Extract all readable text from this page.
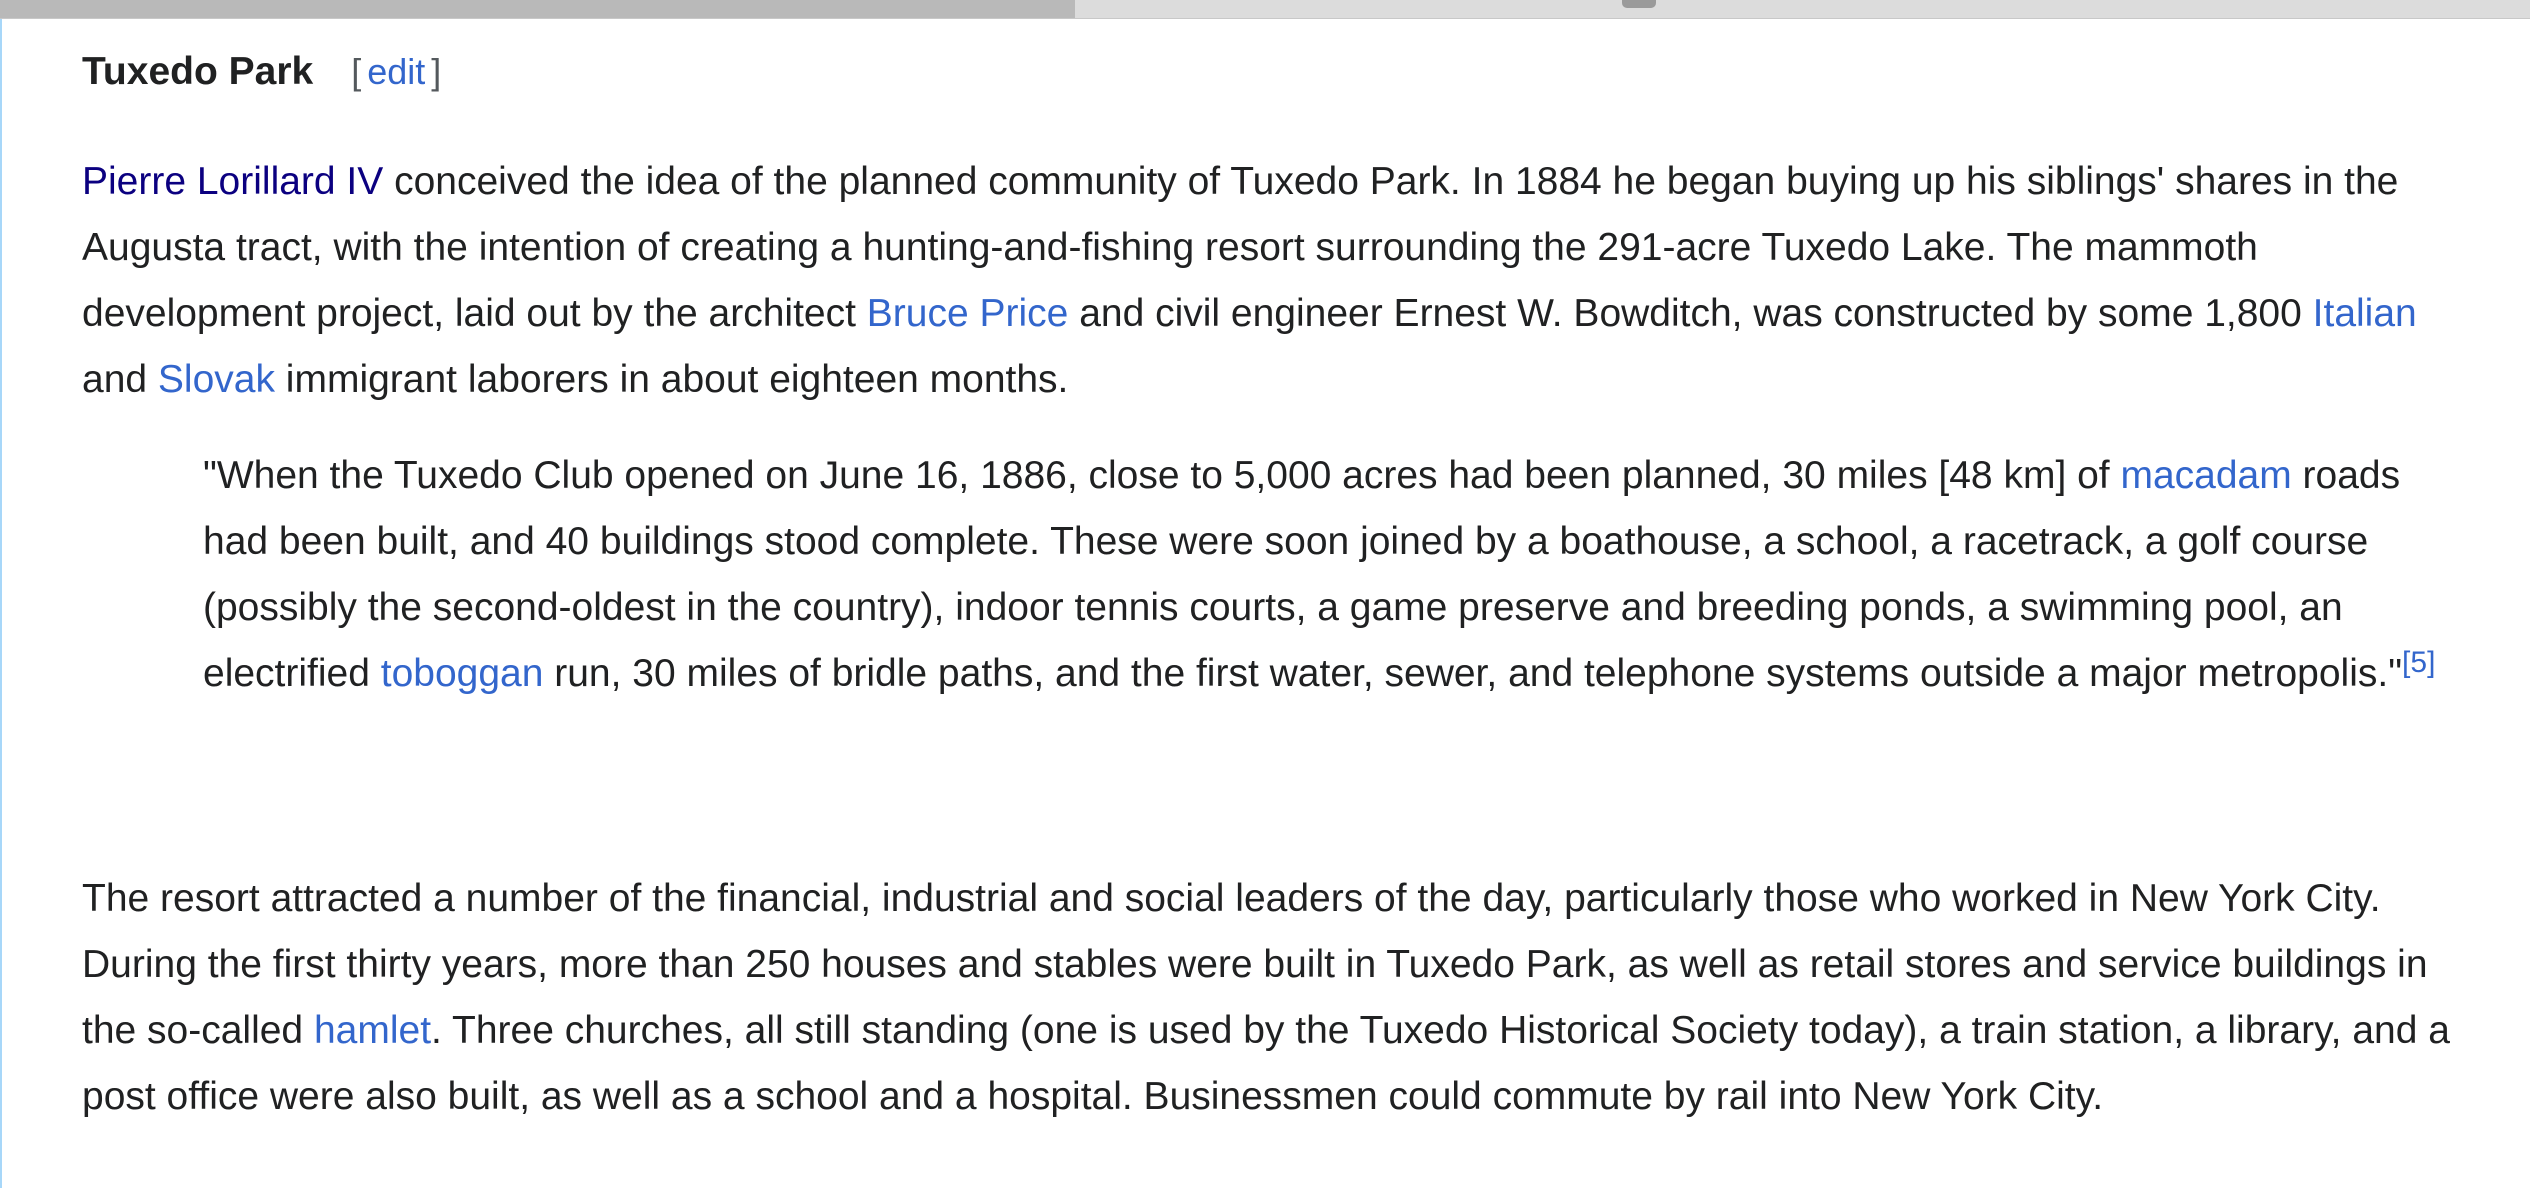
Tuxedo Park [ edit ]

Pierre Lorillard IV conceived the idea of the planned community of Tuxedo Park. In 1884 he began buying up his siblings' shares in the Augusta tract, with the intention of creating a hunting-and-fishing resort surrounding the 291-acre Tuxedo Lake. The mammoth development project, laid out by the architect Bruce Price and civil engineer Ernest W. Bowditch, was constructed by some 1,800 Italian and Slovak immigrant laborers in about eighteen months.

"When the Tuxedo Club opened on June 16, 1886, close to 5,000 acres had been planned, 30 miles [48 km] of macadam roads had been built, and 40 buildings stood complete. These were soon joined by a boathouse, a school, a racetrack, a golf course (possibly the second-oldest in the country), indoor tennis courts, a game preserve and breeding ponds, a swimming pool, an electrified toboggan run, 30 miles of bridle paths, and the first water, sewer, and telephone systems outside a major metropolis."[5]

The resort attracted a number of the financial, industrial and social leaders of the day, particularly those who worked in New York City. During the first thirty years, more than 250 houses and stables were built in Tuxedo Park, as well as retail stores and service buildings in the so-called hamlet. Three churches, all still standing (one is used by the Tuxedo Historical Society today), a train station, a library, and a post office were also built, as well as a school and a hospital. Businessmen could commute by rail into New York City.
